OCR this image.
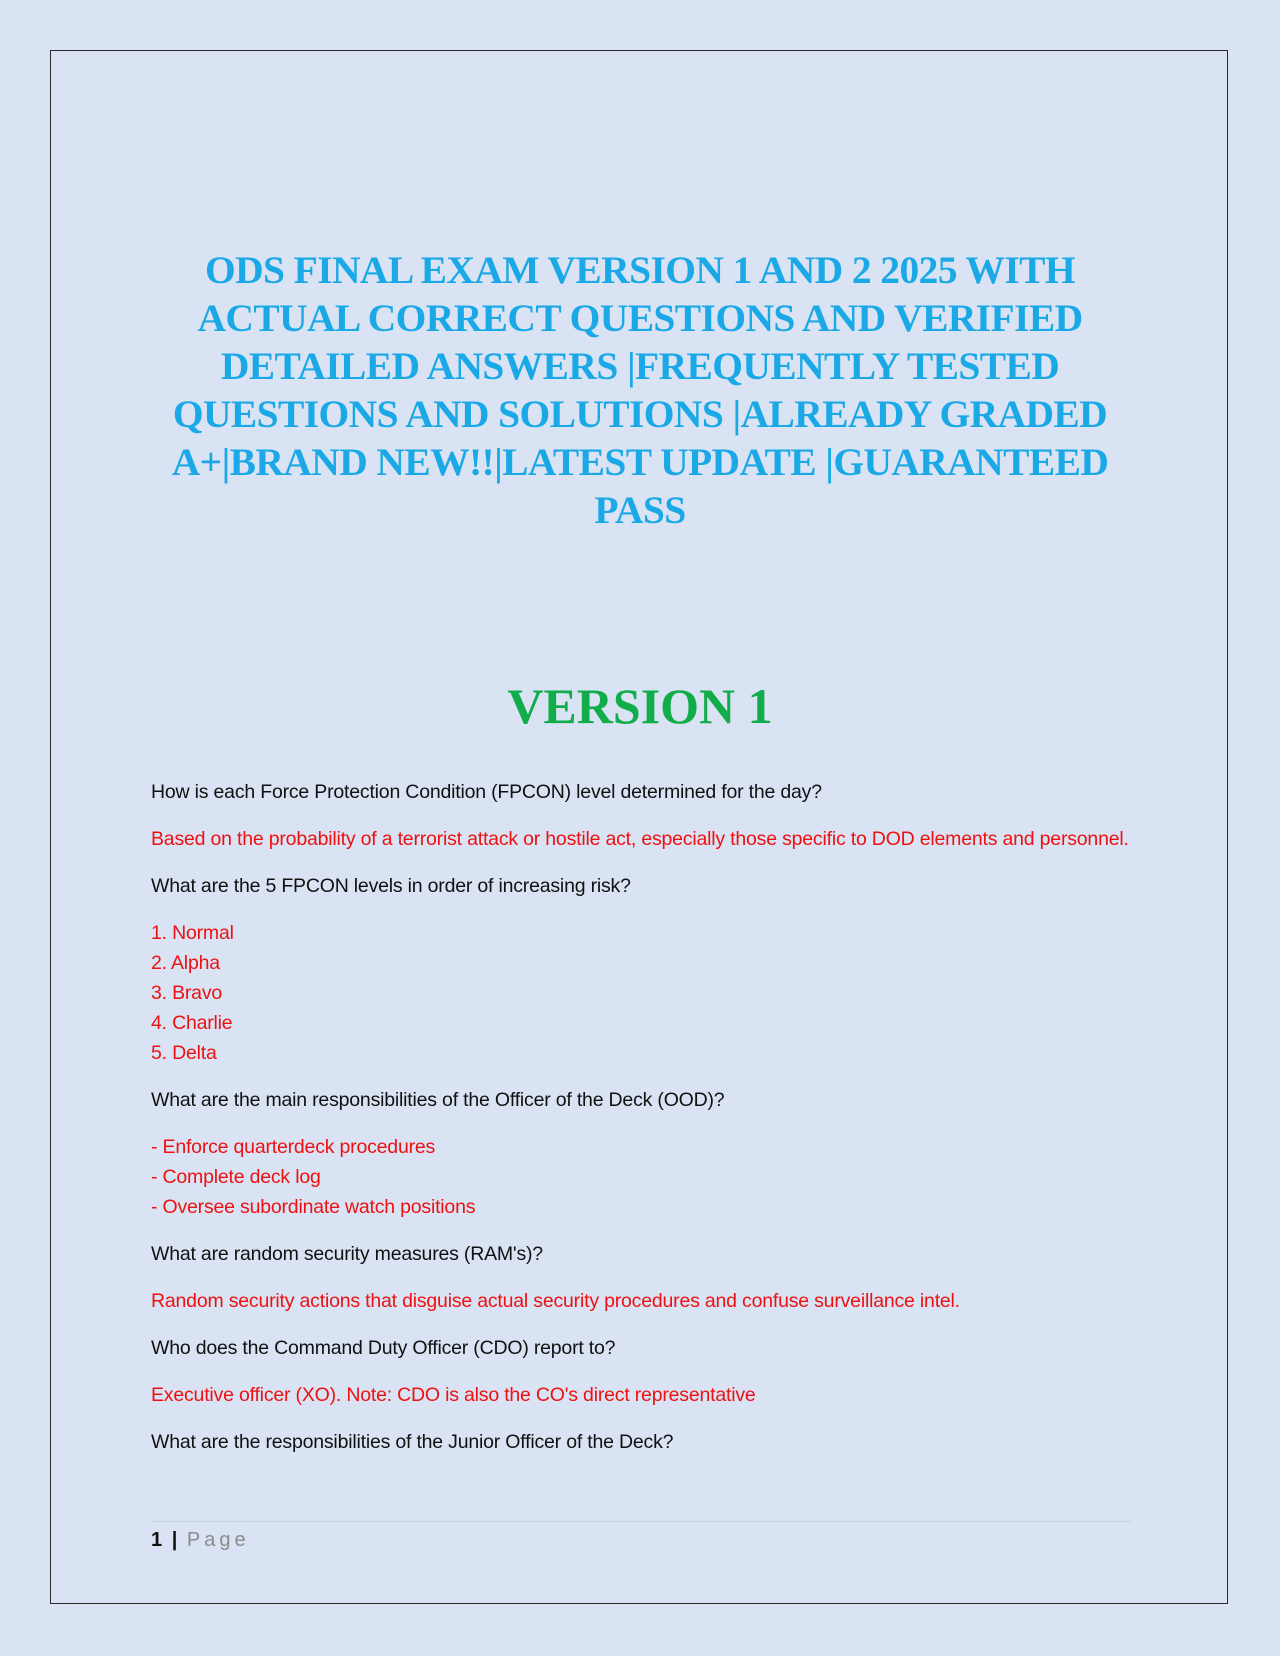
ODS FINAL EXAM VERSION 1 AND 2 2025 WITH ACTUAL CORRECT QUESTIONS AND VERIFIED DETAILED ANSWERS |FREQUENTLY TESTED QUESTIONS AND SOLUTIONS |ALREADY GRADED A+|BRAND NEW!!|LATEST UPDATE |GUARANTEED PASS
VERSION 1

How is each Force Protection Condition (FPCON) level determined for the day?

Based on the probability of a terrorist attack or hostile act, especially those specific to DOD elements and personnel.

What are the 5 FPCON levels in order of increasing risk?

1. Normal
2. Alpha
3. Bravo
4. Charlie
5. Delta

What are the main responsibilities of the Officer of the Deck (OOD)?

- Enforce quarterdeck procedures
- Complete deck log
- Oversee subordinate watch positions

What are random security measures (RAM's)?

Random security actions that disguise actual security procedures and confuse surveillance intel.

Who does the Command Duty Officer (CDO) report to?

Executive officer (XO). Note: CDO is also the CO's direct representative

What are the responsibilities of the Junior Officer of the Deck?

1 | Page
